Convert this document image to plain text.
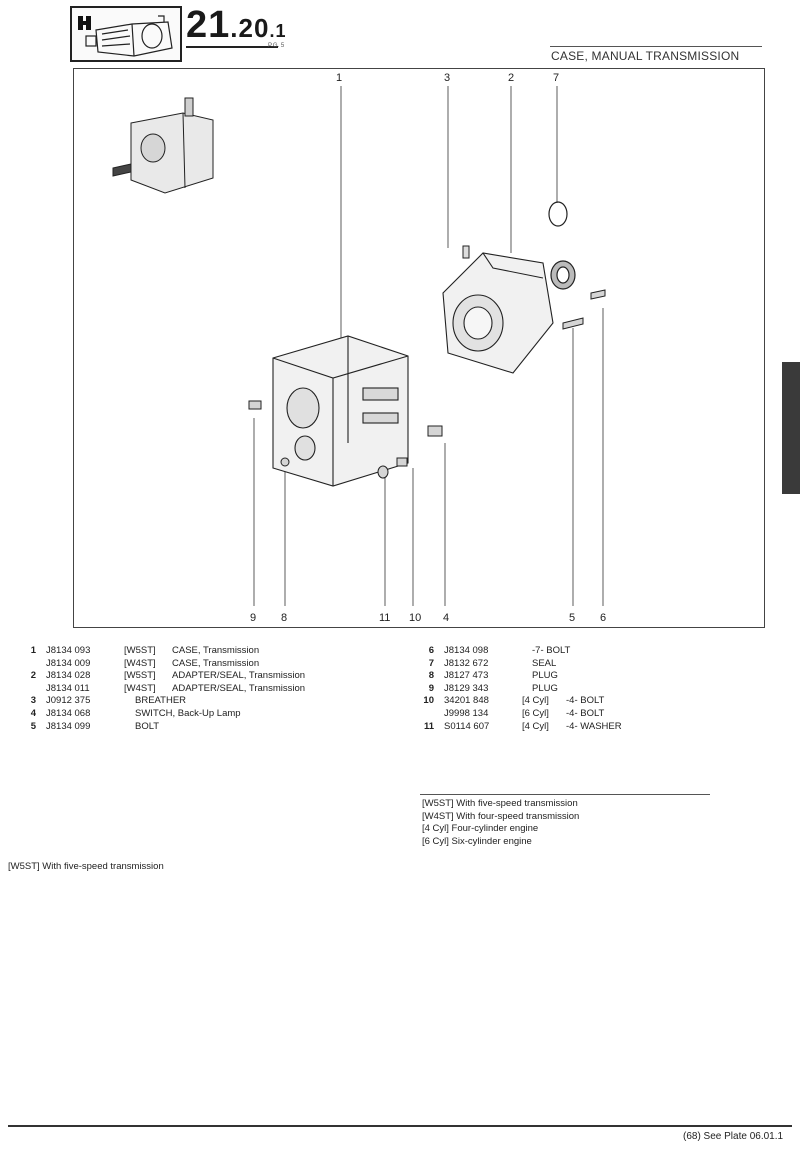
21.20.1
P.G. 5
CASE, MANUAL TRANSMISSION
1	3	2	7
9 8	11 10 4	5 6
1 J8134 093	[W5ST] CASE, Transmission
J8134 009	[W4ST] CASE, Transmission
2 J8134 028	[W5ST] ADAPTER/SEAL, Transmission
J8134 011	[W4ST] ADAPTER/SEAL, Transmission
3 J0912 375	BREATHER
4 J8134 068	SWITCH, Back-Up Lamp
5 J8134 099	BOLT
6 J8134 098	-7- BOLT
7 J8132 672	SEAL
8 J8127 473	PLUG
9 J8129 343	PLUG
10 34201 848	[4 Cyl] -4- BOLT
J9998 134	[6 Cyl] -4- BOLT
11 S0114 607	[4 Cyl] -4- WASHER
[W5ST] With five-speed transmission
[W4ST] With four-speed transmission
[4 Cyl] Four-cylinder engine
[6 Cyl] Six-cylinder engine
[W5ST] With five-speed transmission
(68) See Plate 06.01.1
